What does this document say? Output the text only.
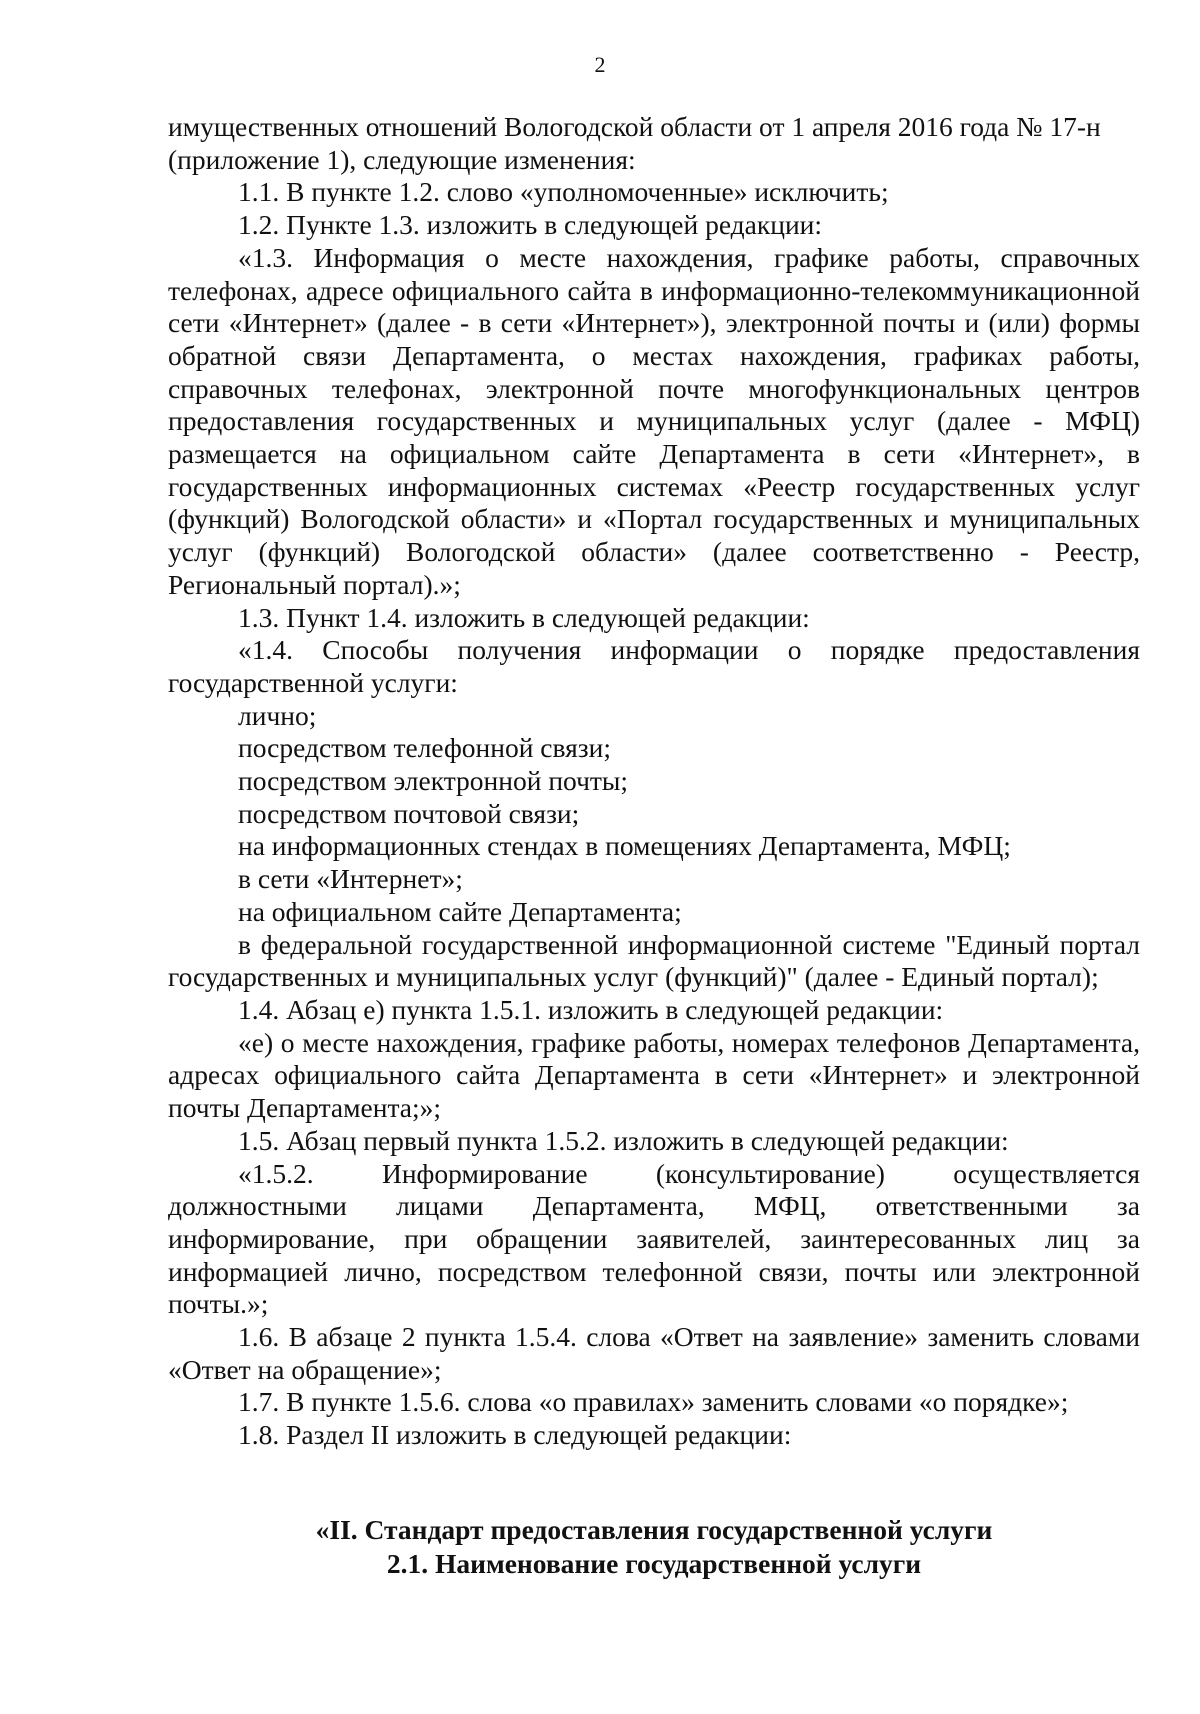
2

имущественных отношений Вологодской области от 1 апреля 2016 года № 17-н (приложение 1), следующие изменения:

1.1. В пункте 1.2. слово «уполномоченные» исключить;

1.2. Пункте 1.3. изложить в следующей редакции:

«1.3. Информация о месте нахождения, графике работы, справочных телефонах, адресе официального сайта в информационно-телекоммуникационной сети «Интернет» (далее - в сети «Интернет»), электронной почты и (или) формы обратной связи Департамента, о местах нахождения, графиках работы, справочных телефонах, электронной почте многофункциональных центров предоставления государственных и муниципальных услуг (далее - МФЦ) размещается на официальном сайте Департамента в сети «Интернет», в государственных информационных системах «Реестр государственных услуг (функций) Вологодской области» и «Портал государственных и муниципальных услуг (функций) Вологодской области» (далее соответственно - Реестр, Региональный портал).»;

1.3. Пункт 1.4. изложить в следующей редакции:

«1.4. Способы получения информации о порядке предоставления государственной услуги:

лично;

посредством телефонной связи;

посредством электронной почты;

посредством почтовой связи;

на информационных стендах в помещениях Департамента, МФЦ;

в сети «Интернет»;

на официальном сайте Департамента;

в федеральной государственной информационной системе "Единый портал государственных и муниципальных услуг (функций)" (далее - Единый портал);

1.4. Абзац е) пункта 1.5.1. изложить в следующей редакции:

«е) о месте нахождения, графике работы, номерах телефонов Департамента, адресах официального сайта Департамента в сети «Интернет» и электронной почты Департамента;»;

1.5. Абзац первый пункта 1.5.2. изложить в следующей редакции:

«1.5.2. Информирование (консультирование) осуществляется должностными лицами Департамента, МФЦ, ответственными за информирование, при обращении заявителей, заинтересованных лиц за информацией лично, посредством телефонной связи, почты или электронной почты.»;

1.6. В абзаце 2 пункта 1.5.4. слова «Ответ на заявление» заменить словами «Ответ на обращение»;

1.7. В пункте 1.5.6. слова «о правилах» заменить словами «о порядке»;

1.8. Раздел II изложить в следующей редакции:

«II. Стандарт предоставления государственной услуги
2.1. Наименование государственной услуги
